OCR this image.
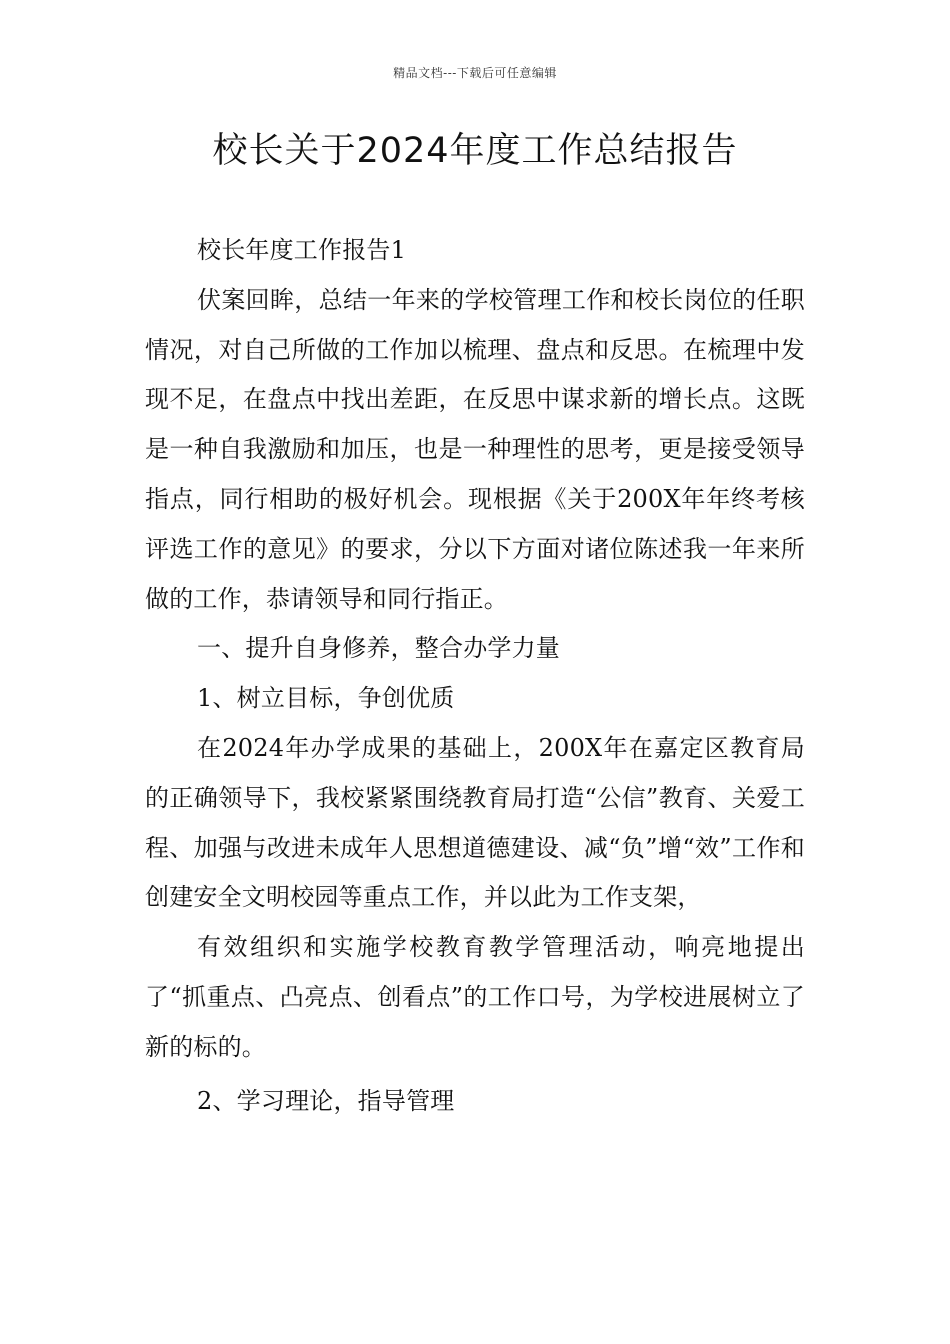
精品文档---下载后可任意编辑
校长关于2024年度工作总结报告

校长年度工作报告1

伏案回眸，总结一年来的学校管理工作和校长岗位的任职情况，对自己所做的工作加以梳理、盘点和反思。在梳理中发现不足，在盘点中找出差距，在反思中谋求新的增长点。这既是一种自我激励和加压，也是一种理性的思考，更是接受领导指点，同行相助的极好机会。现根据《关于200X年年终考核评选工作的意见》的要求，分以下方面对诸位陈述我一年来所做的工作，恭请领导和同行指正。

一、提升自身修养，整合办学力量

1、树立目标，争创优质

在2024年办学成果的基础上，200X年在嘉定区教育局的正确领导下，我校紧紧围绕教育局打造“公信”教育、关爱工程、加强与改进未成年人思想道德建设、减“负”增“效”工作和创建安全文明校园等重点工作，并以此为工作支架，

有效组织和实施学校教育教学管理活动，响亮地提出了“抓重点、凸亮点、创看点”的工作口号，为学校进展树立了新的标的。

2、学习理论，指导管理
